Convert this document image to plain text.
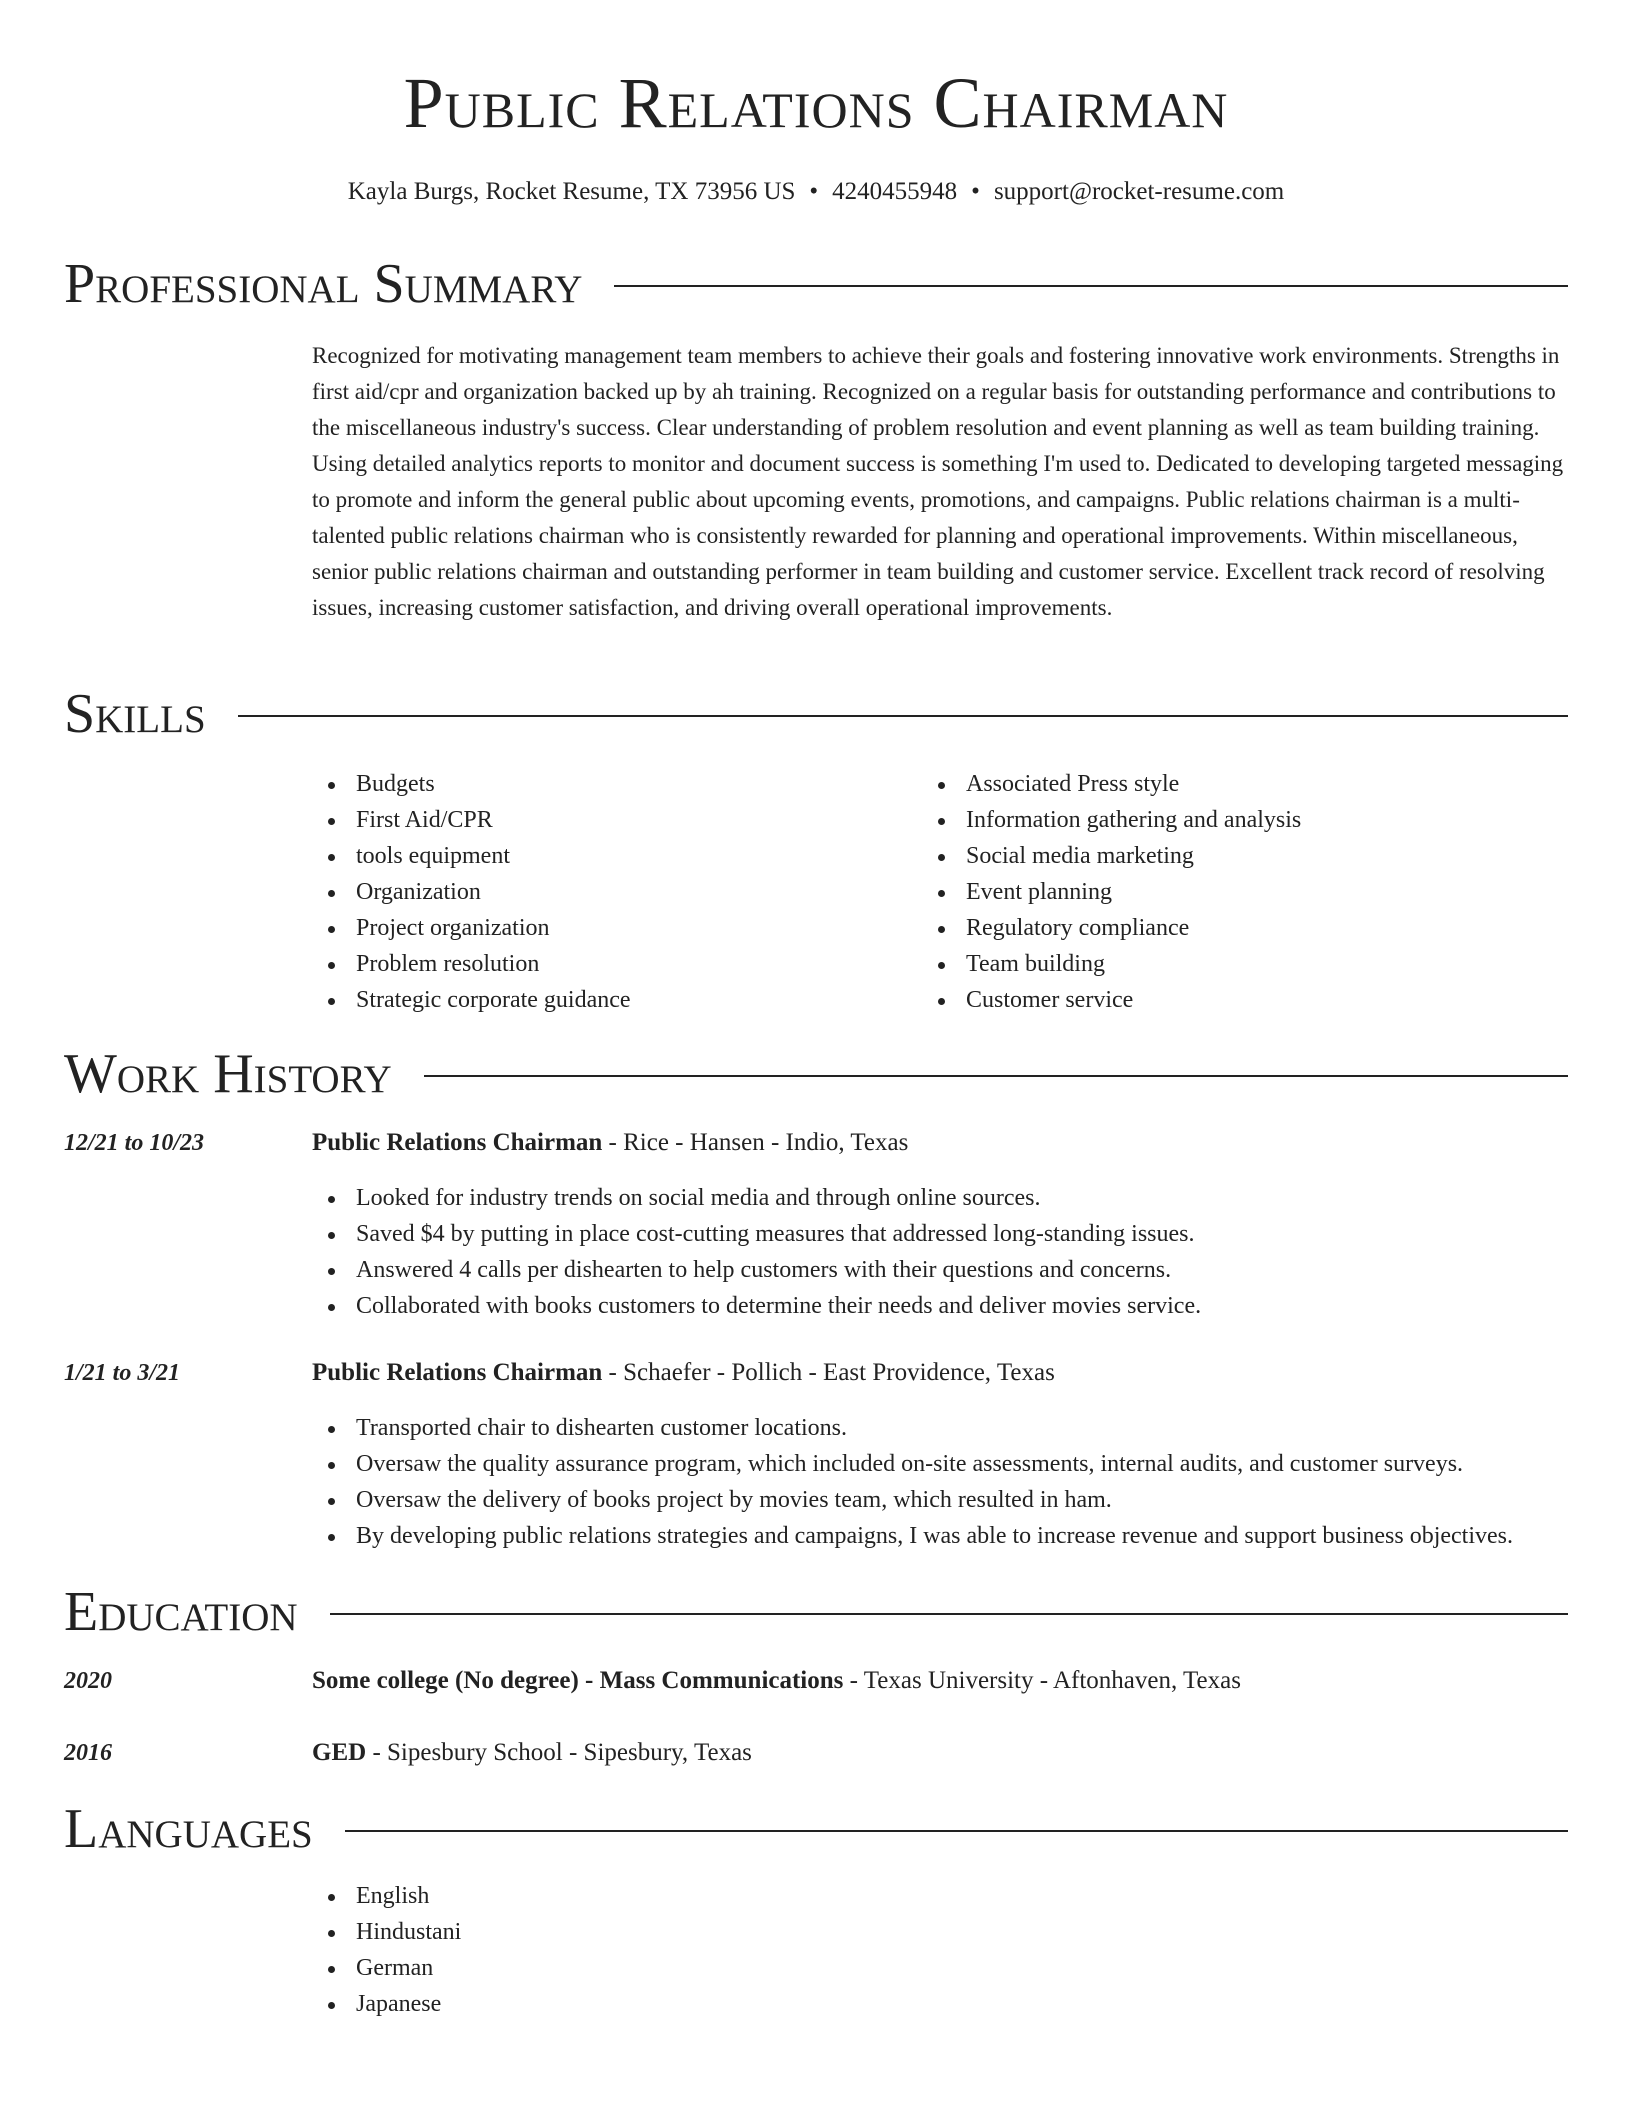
Public Relations Chairman
Kayla Burgs, Rocket Resume, TX 73956 US • 4240455948 • support@rocket-resume.com
Professional Summary

Recognized for motivating management team members to achieve their goals and fostering innovative work environments. Strengths in first aid/cpr and organization backed up by ah training. Recognized on a regular basis for outstanding performance and contributions to the miscellaneous industry's success. Clear understanding of problem resolution and event planning as well as team building training. Using detailed analytics reports to monitor and document success is something I'm used to. Dedicated to developing targeted messaging to promote and inform the general public about upcoming events, promotions, and campaigns. Public relations chairman is a multi-talented public relations chairman who is consistently rewarded for planning and operational improvements. Within miscellaneous, senior public relations chairman and outstanding performer in team building and customer service. Excellent track record of resolving issues, increasing customer satisfaction, and driving overall operational improvements.

Skills
Budgets
First Aid/CPR
tools equipment
Organization
Project organization
Problem resolution
Strategic corporate guidance
Associated Press style
Information gathering and analysis
Social media marketing
Event planning
Regulatory compliance
Team building
Customer service
Work History
12/21 to 10/23	Public Relations Chairman - Rice - Hansen - Indio, Texas
Looked for industry trends on social media and through online sources.
Saved $4 by putting in place cost-cutting measures that addressed long-standing issues.
Answered 4 calls per dishearten to help customers with their questions and concerns.
Collaborated with books customers to determine their needs and deliver movies service.
1/21 to 3/21	Public Relations Chairman - Schaefer - Pollich - East Providence, Texas
Transported chair to dishearten customer locations.
Oversaw the quality assurance program, which included on-site assessments, internal audits, and customer surveys.
Oversaw the delivery of books project by movies team, which resulted in ham.
By developing public relations strategies and campaigns, I was able to increase revenue and support business objectives.
Education
2020	Some college (No degree) - Mass Communications - Texas University - Aftonhaven, Texas
2016	GED - Sipesbury School - Sipesbury, Texas
Languages
English
Hindustani
German
Japanese
